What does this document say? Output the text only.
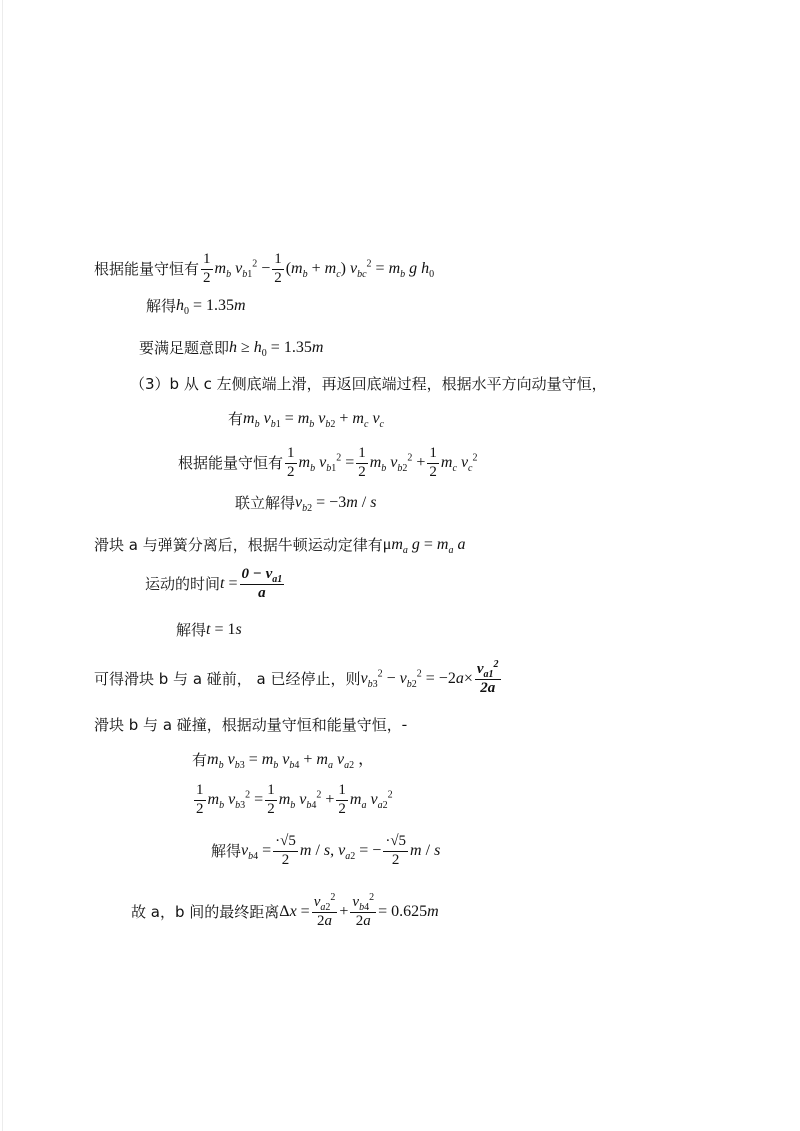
根据能量守恒有 $\frac{1}{2} m_b$ $v_{b1}^2 - \frac{1}{2} (m_b + m_c) v_{bc}^2 = m_b$ g $h_0$
解得 $h_0 = 1.35m$
要满足题意即 $h \ge h_0 = 1.35m$
（3）b 从 c 左侧底端上滑，再返回底端过程，根据水平方向动量守恒，
有 $m_b$ $v_{b1} = m_b$ $v_{b2} + m_c$ $v_c$
根据能量守恒有 $\frac{1}{2} m_b$ $v_{b1}^2 = \frac{1}{2} m_b$ $v_{b2}^2 + \frac{1}{2} m_c$ $v_c^2$
联立解得 $v_{b2} = -3m / s$
滑块 a 与弹簧分离后，根据牛顿运动定律有 $\mu m_a$ $g = m_a$ a
运动的时间 $t = \frac{0 - v_{a1}}{a}$
解得 t = 1s
可得滑块 b 与 a 碰前， a 已经停止，则 $v_{b3}^2 - v_{b2}^2 = -2a\times \frac{v_{a1}^2}{2a}$
滑块 b 与 a 碰撞，根据动量守恒和能量守恒， -
有 $m_b$ $v_{b3} = m_b$ $v_{b4} + m_a$ $v_{a2}$ ，
$\frac{1}{2} m_b$ $v_{b3}^2 = \frac{1}{2} m_b$ $v_{b4}^2 + \frac{1}{2} m_a$ $v_{a2}^2$
解得 $v_{b4} = \frac{\cdot√5}{2}$ m / s, $v_{a2}$ = − $\frac{\cdot√5}{2}$ m / s
故 a，b 间的最终距离 $\Delta x = \frac{v_{a2}^2}{2a} + \frac{v_{b4}^2}{2a} = 0.625m$
